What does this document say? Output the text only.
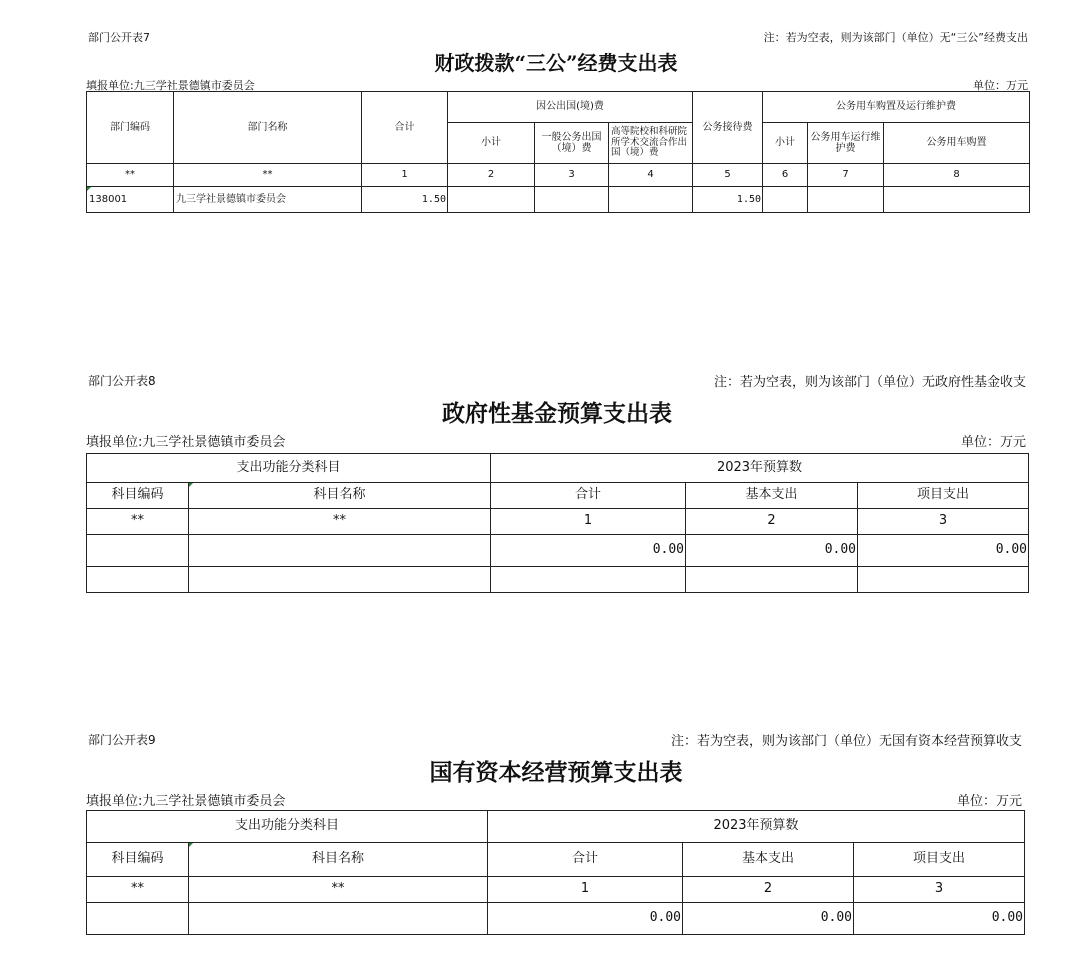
部门公开表7	注：若为空表，则为该部门（单位）无“三公”经费支出
财政拨款“三公”经费支出表
填报单位:九三学社景德镇市委员会	单位：万元
部门编码	部门名称	合计	因公出国(境)费			公务接待费	公务用车购置及运行维护费		
			小计	一般公务出国（境）费	高等院校和科研院所学术交流合作出国（境）费		小计	公务用车运行维护费	公务用车购置
**	**	1	2	3	4	5	6	7	8

138001	九三学社景德镇市委员会	1.50				1.50			
部门公开表8	注：若为空表，则为该部门（单位）无政府性基金收支
政府性基金预算支出表
填报单位:九三学社景德镇市委员会	单位：万元
支出功能分类科目		2023年预算数		
科目编码	科目名称	合计	基本支出	项目支出
**	**	1	2	3
		0.00	0.00	0.00

部门公开表9	注：若为空表，则为该部门（单位）无国有资本经营预算收支
国有资本经营预算支出表
填报单位:九三学社景德镇市委员会	单位：万元
支出功能分类科目		2023年预算数		
科目编码	科目名称	合计	基本支出	项目支出
**	**	1	2	3
		0.00	0.00	0.00
